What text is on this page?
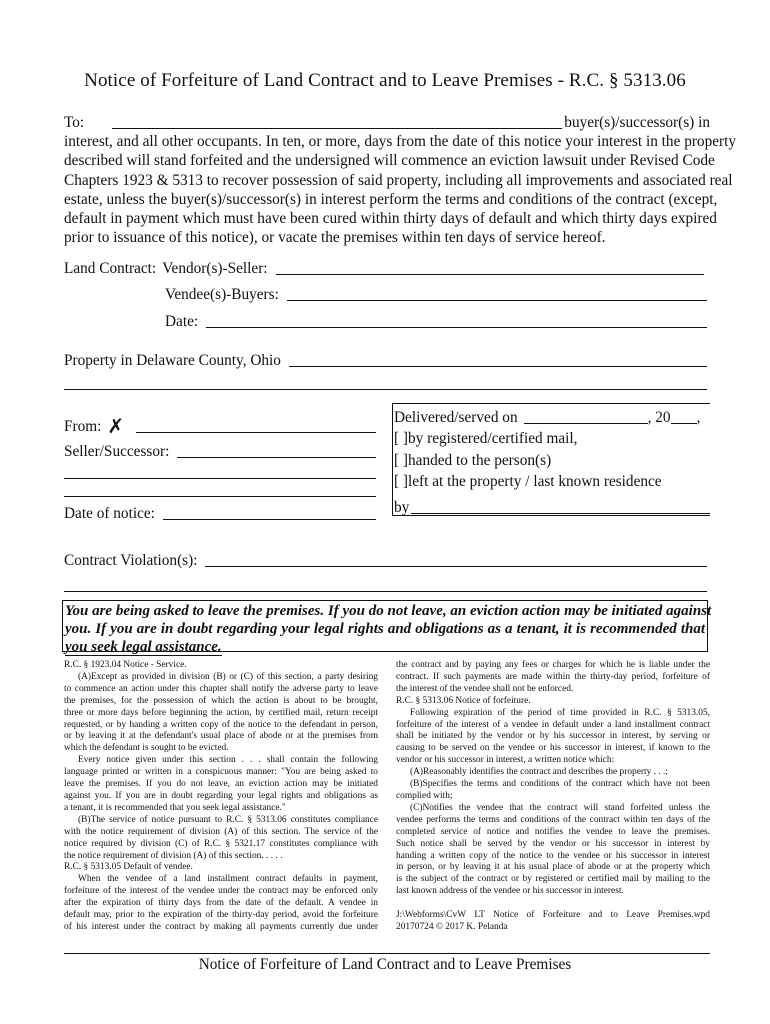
Notice of Forfeiture of Land Contract and to Leave Premises - R.C. § 5313.06
To:	buyer(s)/successor(s) in
interest, and all other occupants. In ten, or more, days from the date of this notice your interest in the property
described will stand forfeited and the undersigned will commence an eviction lawsuit under Revised Code
Chapters 1923 & 5313 to recover possession of said property, including all improvements and associated real
estate, unless the buyer(s)/successor(s) in interest perform the terms and conditions of the contract (except,
default in payment which must have been cured within thirty days of default and which thirty days expired
prior to issuance of this notice), or vacate the premises within ten days of service hereof.
Land Contract: Vendor(s)-Seller:
Vendee(s)-Buyers:
Date:
Property in Delaware County, Ohio
Delivered/served on	, 20 ,
[ ]by registered/certified mail,
[ ]handed to the person(s)
[ ]left at the property / last known residence
by
From: ✗
Seller/Successor:
Date of notice:
Contract Violation(s):
You are being asked to leave the premises. If you do not leave, an eviction action may be initiated against
you. If you are in doubt regarding your legal rights and obligations as a tenant, it is recommended that
you seek legal assistance.
R.C. § 1923.04 Notice - Service.
(A)Except as provided in division (B) or (C) of this section, a party desiring
to commence an action under this chapter shall notify the adverse party to leave
the premises, for the possession of which the action is about to be brought,
three or more days before beginning the action, by certified mail, return receipt
requested, or by handing a written copy of the notice to the defendant in person,
or by leaving it at the defendant's usual place of abode or at the premises from
which the defendant is sought to be evicted.
Every notice given under this section . . . shall contain the following
language printed or written in a conspicuous manner: "You are being asked to
leave the premises. If you do not leave, an eviction action may be initiated
against you. If you are in doubt regarding your legal rights and obligations as
a tenant, it is recommended that you seek legal assistance."
(B)The service of notice pursuant to R.C. § 5313.06 constitutes compliance
with the notice requirement of division (A) of this section. The service of the
notice required by division (C) of R.C. § 5321.17 constitutes compliance with
the notice requirement of division (A) of this section. . . . .
R.C. § 5313.05 Default of vendee.
When the vendee of a land installment contract defaults in payment,
forfeiture of the interest of the vendee under the contract may be enforced only
after the expiration of thirty days from the date of the default. A vendee in
default may, prior to the expiration of the thirty-day period, avoid the forfeiture
of his interest under the contract by making all payments currently due under
the contract and by paying any fees or charges for which he is liable under the
contract. If such payments are made within the thirty-day period, forfeiture of
the interest of the vendee shall not be enforced.
R.C. § 5313.06 Notice of forfeiture.
Following expiration of the period of time provided in R.C. § 5313.05,
forfeiture of the interest of a vendee in default under a land installment contract
shall be initiated by the vendor or by his successor in interest, by serving or
causing to be served on the vendee or his successor in interest, if known to the
vendor or his successor in interest, a written notice which:
(A)Reasonably identifies the contract and describes the property . . .;
(B)Specifies the terms and conditions of the contract which have not been
complied with;
(C)Notifies the vendee that the contract will stand forfeited unless the
vendee performs the terms and conditions of the contract within ten days of the
completed service of notice and notifies the vendee to leave the premises.
Such notice shall be served by the vendor or his successor in interest by
handing a written copy of the notice to the vendee or his successor in interest
in person, or by leaving it at his usual place of abode or at the property which
is the subject of the contract or by registered or certified mail by mailing to the
last known address of the vendee or his successor in interest.

J:\Webforms\CvW LT Notice of Forfeiture and to Leave Premises.wpd
20170724 © 2017 K. Pelanda
Notice of Forfeiture of Land Contract and to Leave Premises
